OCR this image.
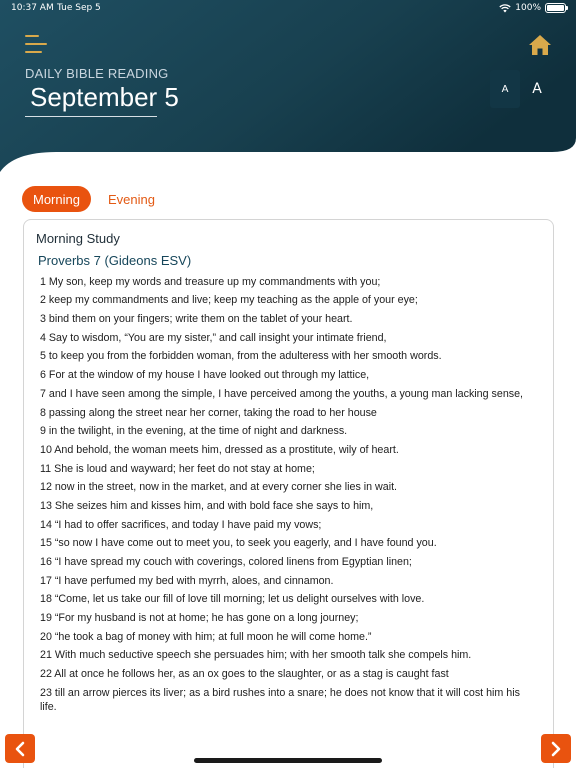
10:37 AM Tue Sep 5	100%
DAILY BIBLE READING
September 5	A	A
Morning	Evening
Morning Study
Proverbs 7 (Gideons ESV)
1 My son, keep my words and treasure up my commandments with you;
2 keep my commandments and live; keep my teaching as the apple of your eye;
3 bind them on your fingers; write them on the tablet of your heart.
4 Say to wisdom, “You are my sister,” and call insight your intimate friend,
5 to keep you from the forbidden woman, from the adulteress with her smooth words.
6 For at the window of my house I have looked out through my lattice,
7 and I have seen among the simple, I have perceived among the youths, a young man lacking sense,
8 passing along the street near her corner, taking the road to her house
9 in the twilight, in the evening, at the time of night and darkness.
10 And behold, the woman meets him, dressed as a prostitute, wily of heart.
11 She is loud and wayward; her feet do not stay at home;
12 now in the street, now in the market, and at every corner she lies in wait.
13 She seizes him and kisses him, and with bold face she says to him,
14 “I had to offer sacrifices, and today I have paid my vows;
15 “so now I have come out to meet you, to seek you eagerly, and I have found you.
16 “I have spread my couch with coverings, colored linens from Egyptian linen;
17 “I have perfumed my bed with myrrh, aloes, and cinnamon.
18 “Come, let us take our fill of love till morning; let us delight ourselves with love.
19 “For my husband is not at home; he has gone on a long journey;
20 “he took a bag of money with him; at full moon he will come home.”
21 With much seductive speech she persuades him; with her smooth talk she compels him.
22 All at once he follows her, as an ox goes to the slaughter, or as a stag is caught fast
23 till an arrow pierces its liver; as a bird rushes into a snare; he does not know that it will cost him his life.
